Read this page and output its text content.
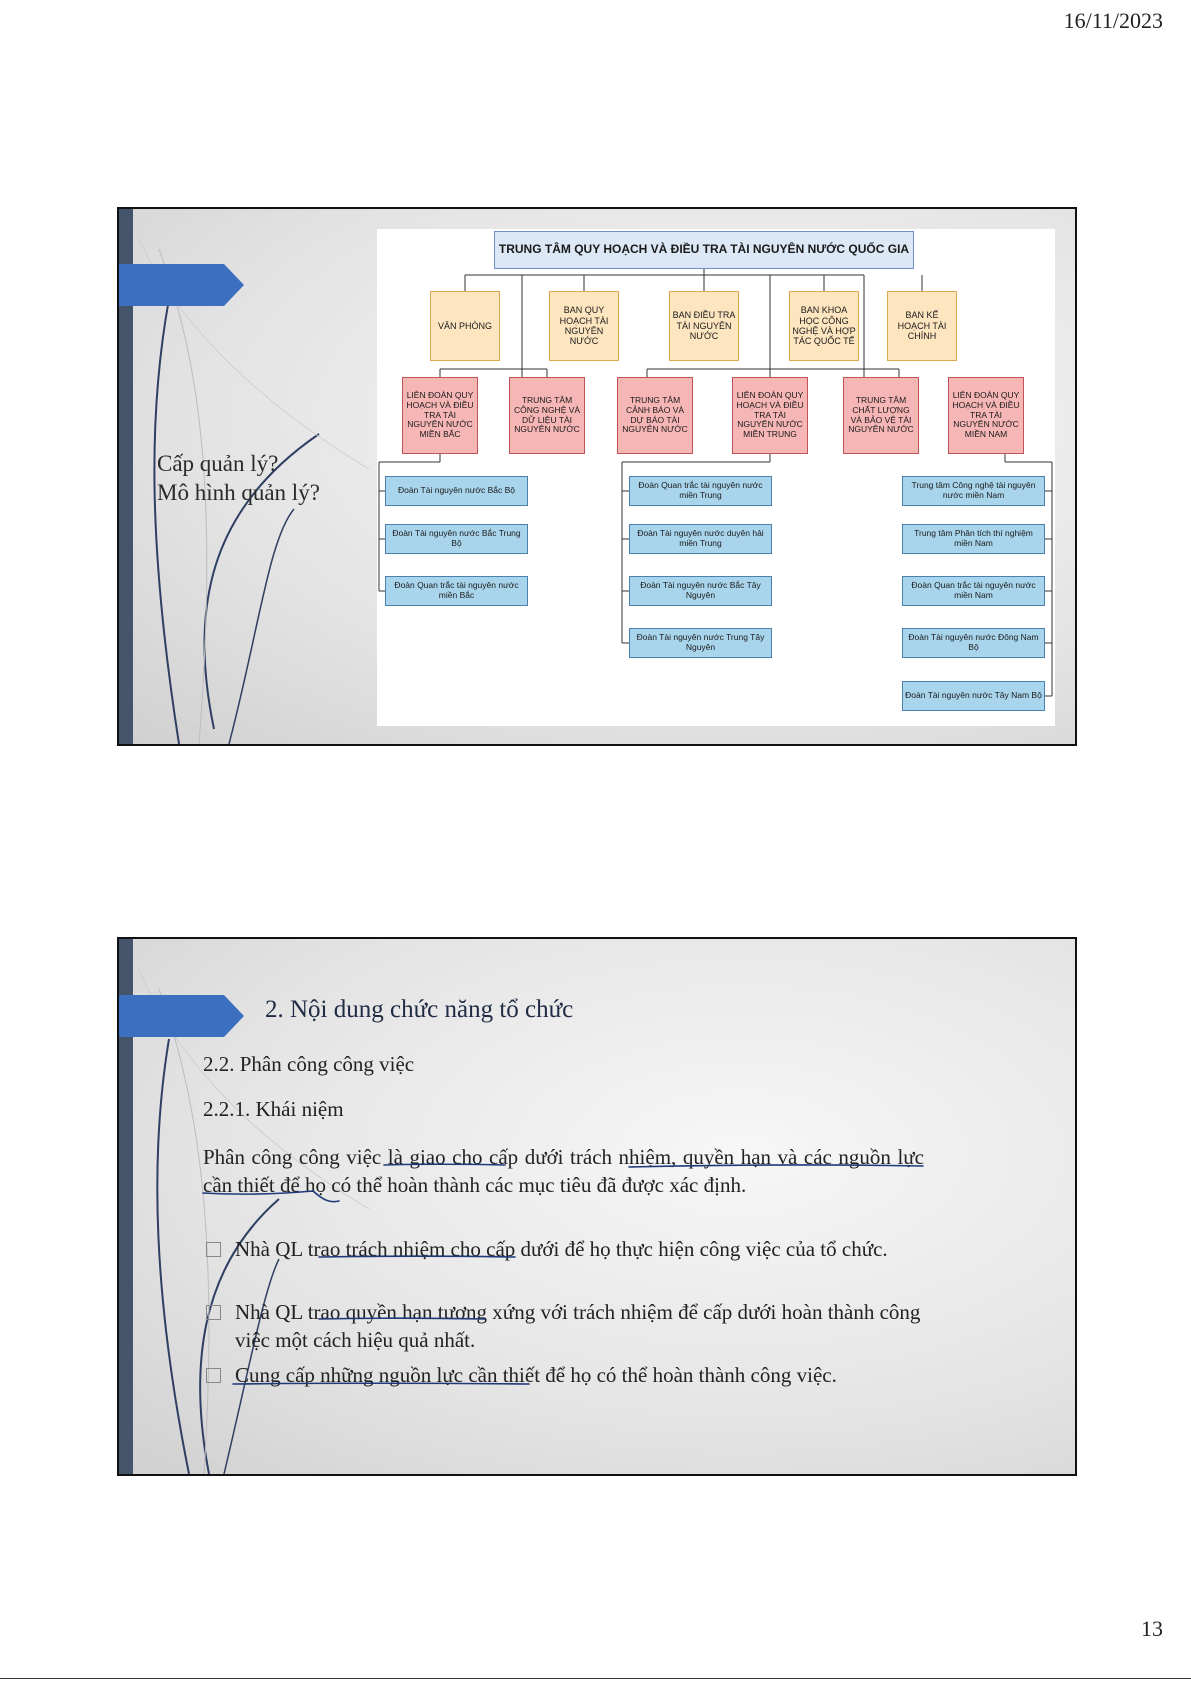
16/11/2023
Cấp quản lý?
Mô hình quản lý?
TRUNG TÂM QUY HOẠCH VÀ ĐIỀU TRA TÀI NGUYÊN NƯỚC QUỐC GIA
VĂN PHÒNG
BAN QUY HOẠCH TÀI NGUYÊN NƯỚC
BAN ĐIỀU TRA TÀI NGUYÊN NƯỚC
BAN KHOA HỌC CÔNG NGHỆ VÀ HỢP TÁC QUỐC TẾ
BAN KẾ HOẠCH TÀI CHÍNH
LIÊN ĐOÀN QUY HOẠCH VÀ ĐIỀU TRA TÀI NGUYÊN NƯỚC MIỀN BẮC
TRUNG TÂM CÔNG NGHỆ VÀ DỮ LIỆU TÀI NGUYÊN NƯỚC
TRUNG TÂM CẢNH BÁO VÀ DỰ BÁO TÀI NGUYÊN NƯỚC
LIÊN ĐOÀN QUY HOẠCH VÀ ĐIỀU TRA TÀI NGUYÊN NƯỚC MIỀN TRUNG
TRUNG TÂM CHẤT LƯỢNG VÀ BẢO VỆ TÀI NGUYÊN NƯỚC
LIÊN ĐOÀN QUY HOẠCH VÀ ĐIỀU TRA TÀI NGUYÊN NƯỚC MIỀN NAM
Đoàn Tài nguyên nước Bắc Bộ
Đoàn Tài nguyên nước Bắc Trung Bộ
Đoàn Quan trắc tài nguyên nước miền Bắc
Đoàn Quan trắc tài nguyên nước miền Trung
Đoàn Tài nguyên nước duyên hải miền Trung
Đoàn Tài nguyên nước Bắc Tây Nguyên
Đoàn Tài nguyên nước Trung Tây Nguyên
Trung tâm Công nghệ tài nguyên nước miền Nam
Trung tâm Phân tích thí nghiệm miền Nam
Đoàn Quan trắc tài nguyên nước miền Nam
Đoàn Tài nguyên nước Đông Nam Bộ
Đoàn Tài nguyên nước Tây Nam Bộ
2. Nội dung chức năng tổ chức
2.2. Phân công công việc
2.2.1. Khái niệm
Phân công công việc là giao cho cấp dưới trách nhiệm, quyền hạn và các nguồn lực cần thiết để họ có thể hoàn thành các mục tiêu đã được xác định.
Nhà QL trao trách nhiệm cho cấp dưới để họ thực hiện công việc của tổ chức.
Nhà QL trao quyền hạn tương xứng với trách nhiệm để cấp dưới hoàn thành công việc một cách hiệu quả nhất.
Cung cấp những nguồn lực cần thiết để họ có thể hoàn thành công việc.
13
